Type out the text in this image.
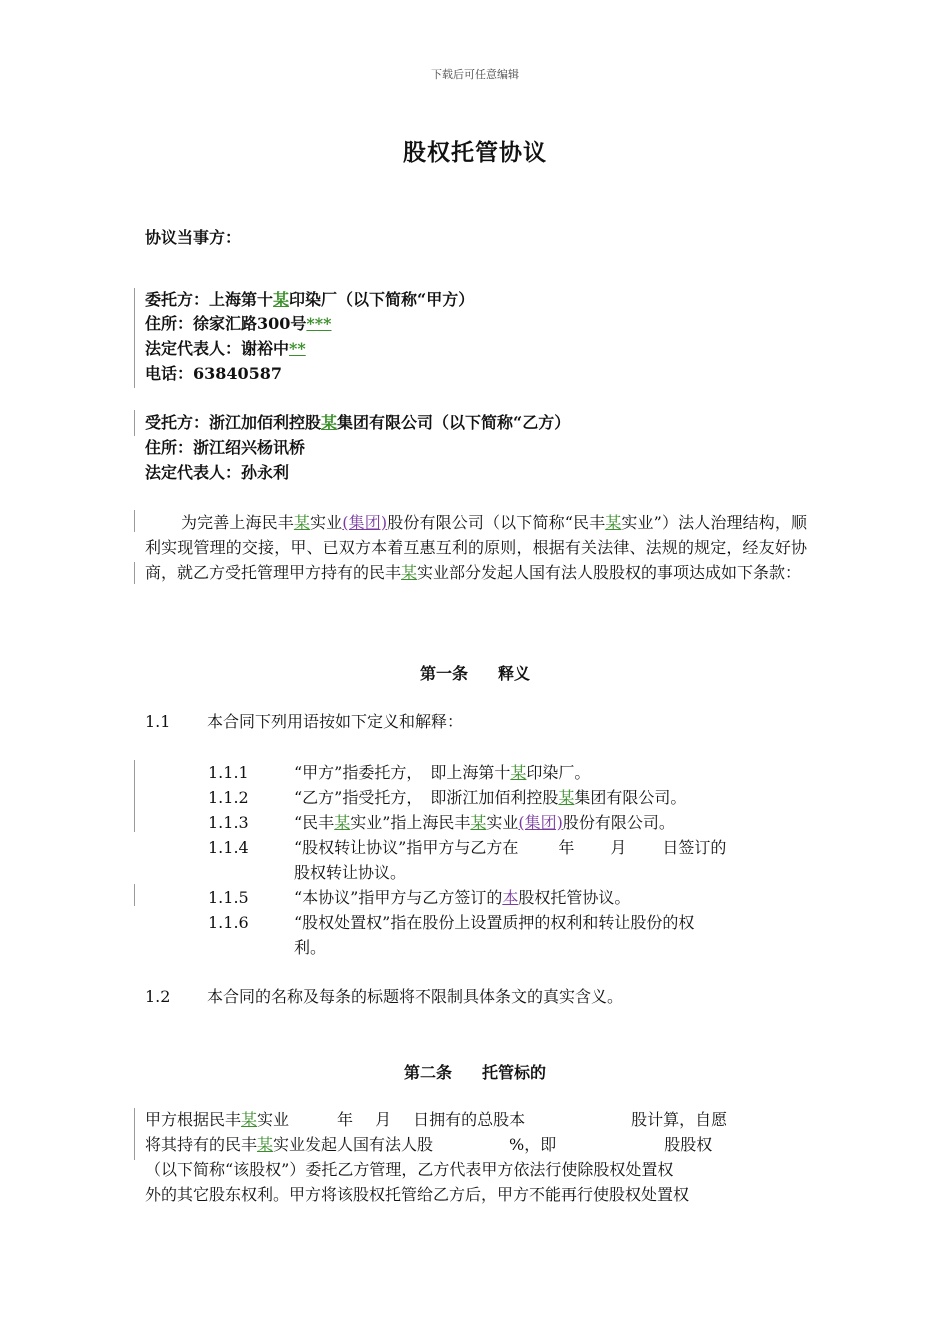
下载后可任意编辑
股权托管协议
协议当事方：
委托方：上海第十某印染厂（以下简称“甲方）
住所：徐家汇路300号***
法定代表人：谢裕中**
电话：63840587
受托方：浙江加佰利控股某集团有限公司（以下简称“乙方）
住所：浙江绍兴杨讯桥
法定代表人：孙永利
为完善上海民丰某实业(集团)股份有限公司（以下简称“民丰某实业”）法人治理结构，顺利实现管理的交接，甲、已双方本着互惠互利的原则，根据有关法律、法规的规定，经友好协商，就乙方受托管理甲方持有的民丰某实业部分发起人国有法人股股权的事项达成如下条款：
第一条 释义
1.1 本合同下列用语按如下定义和解释：
1.1.1	“甲方”指委托方，　即上海第十某印染厂。
1.1.2	“乙方”指受托方，　即浙江加佰利控股某集团有限公司。
1.1.3	“民丰某实业”指上海民丰某实业(集团)股份有限公司。
1.1.4	“股权转让协议”指甲方与乙方在	年 月 日签订的
股权转让协议。
1.1.5	“本协议”指甲方与乙方签订的本股权托管协议。
1.1.6	“股权处置权”指在股份上设置质押的权利和转让股份的权
利。
1.2 本合同的名称及每条的标题将不限制具体条文的真实含义。
第二条 托管标的
甲方根据民丰某实业	年 月 日拥有的总股本	股计算，自愿
将其持有的民丰某实业发起人国有法人股	%，即	股股权
（以下简称“该股权”）委托乙方管理，乙方代表甲方依法行使除股权处置权
外的其它股东权利。甲方将该股权托管给乙方后，甲方不能再行使股权处置权
